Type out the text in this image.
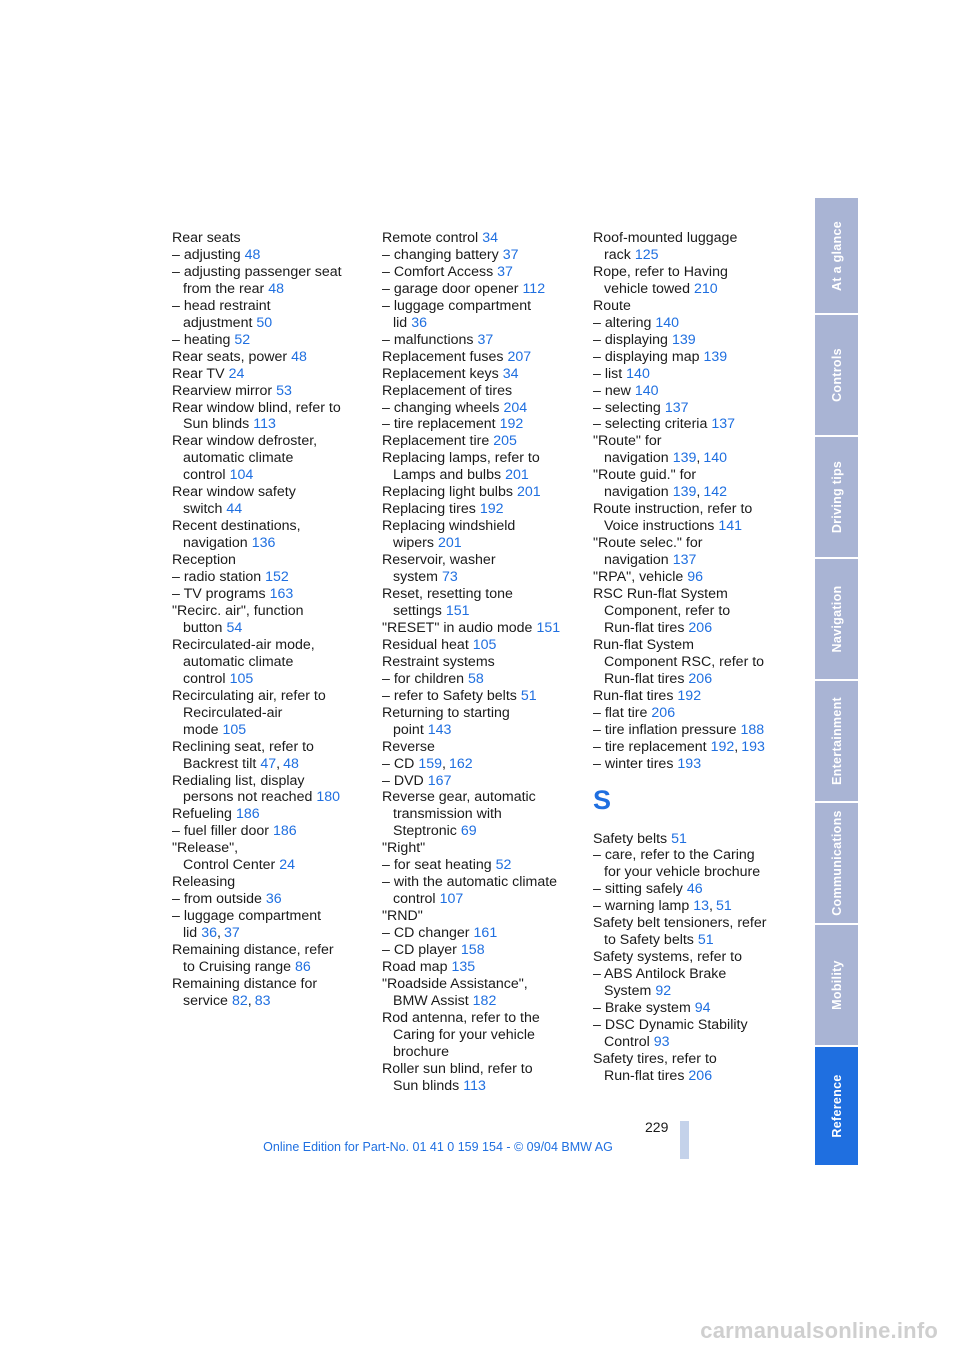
Rear seats
– adjusting 48
– adjusting passenger seat
from the rear 48
– head restraint
adjustment 50
– heating 52
Rear seats, power 48
Rear TV 24
Rearview mirror 53
Rear window blind, refer to
Sun blinds 113
Rear window defroster,
automatic climate
control 104
Rear window safety
switch 44
Recent destinations,
navigation 136
Reception
– radio station 152
– TV programs 163
"Recirc. air", function
button 54
Recirculated-air mode,
automatic climate
control 105
Recirculating air, refer to
Recirculated-air
mode 105
Reclining seat, refer to
Backrest tilt 47, 48
Redialing list, display
persons not reached 180
Refueling 186
– fuel filler door 186
"Release",
Control Center 24
Releasing
– from outside 36
– luggage compartment
lid 36, 37
Remaining distance, refer
to Cruising range 86
Remaining distance for
service 82, 83
Remote control 34
– changing battery 37
– Comfort Access 37
– garage door opener 112
– luggage compartment
lid 36
– malfunctions 37
Replacement fuses 207
Replacement keys 34
Replacement of tires
– changing wheels 204
– tire replacement 192
Replacement tire 205
Replacing lamps, refer to
Lamps and bulbs 201
Replacing light bulbs 201
Replacing tires 192
Replacing windshield
wipers 201
Reservoir, washer
system 73
Reset, resetting tone
settings 151
"RESET" in audio mode 151
Residual heat 105
Restraint systems
– for children 58
– refer to Safety belts 51
Returning to starting
point 143
Reverse
– CD 159, 162
– DVD 167
Reverse gear, automatic
transmission with
Steptronic 69
"Right"
– for seat heating 52
– with the automatic climate
control 107
"RND"
– CD changer 161
– CD player 158
Road map 135
"Roadside Assistance",
BMW Assist 182
Rod antenna, refer to the
Caring for your vehicle
brochure
Roller sun blind, refer to
Sun blinds 113
Roof-mounted luggage
rack 125
Rope, refer to Having
vehicle towed 210
Route
– altering 140
– displaying 139
– displaying map 139
– list 140
– new 140
– selecting 137
– selecting criteria 137
"Route" for
navigation 139, 140
"Route guid." for
navigation 139, 142
Route instruction, refer to
Voice instructions 141
"Route selec." for
navigation 137
"RPA", vehicle 96
RSC Run-flat System
Component, refer to
Run-flat tires 206
Run-flat System
Component RSC, refer to
Run-flat tires 206
Run-flat tires 192
– flat tire 206
– tire inflation pressure 188
– tire replacement 192, 193
– winter tires 193
S
Safety belts 51
– care, refer to the Caring
for your vehicle brochure
– sitting safely 46
– warning lamp 13, 51
Safety belt tensioners, refer
to Safety belts 51
Safety systems, refer to
– ABS Antilock Brake
System 92
– Brake system 94
– DSC Dynamic Stability
Control 93
Safety tires, refer to
Run-flat tires 206
At a glance
Controls
Driving tips
Navigation
Entertainment
Communications
Mobility
Reference
229
Online Edition for Part-No. 01 41 0 159 154 - © 09/04 BMW AG
carmanualsonline.info
